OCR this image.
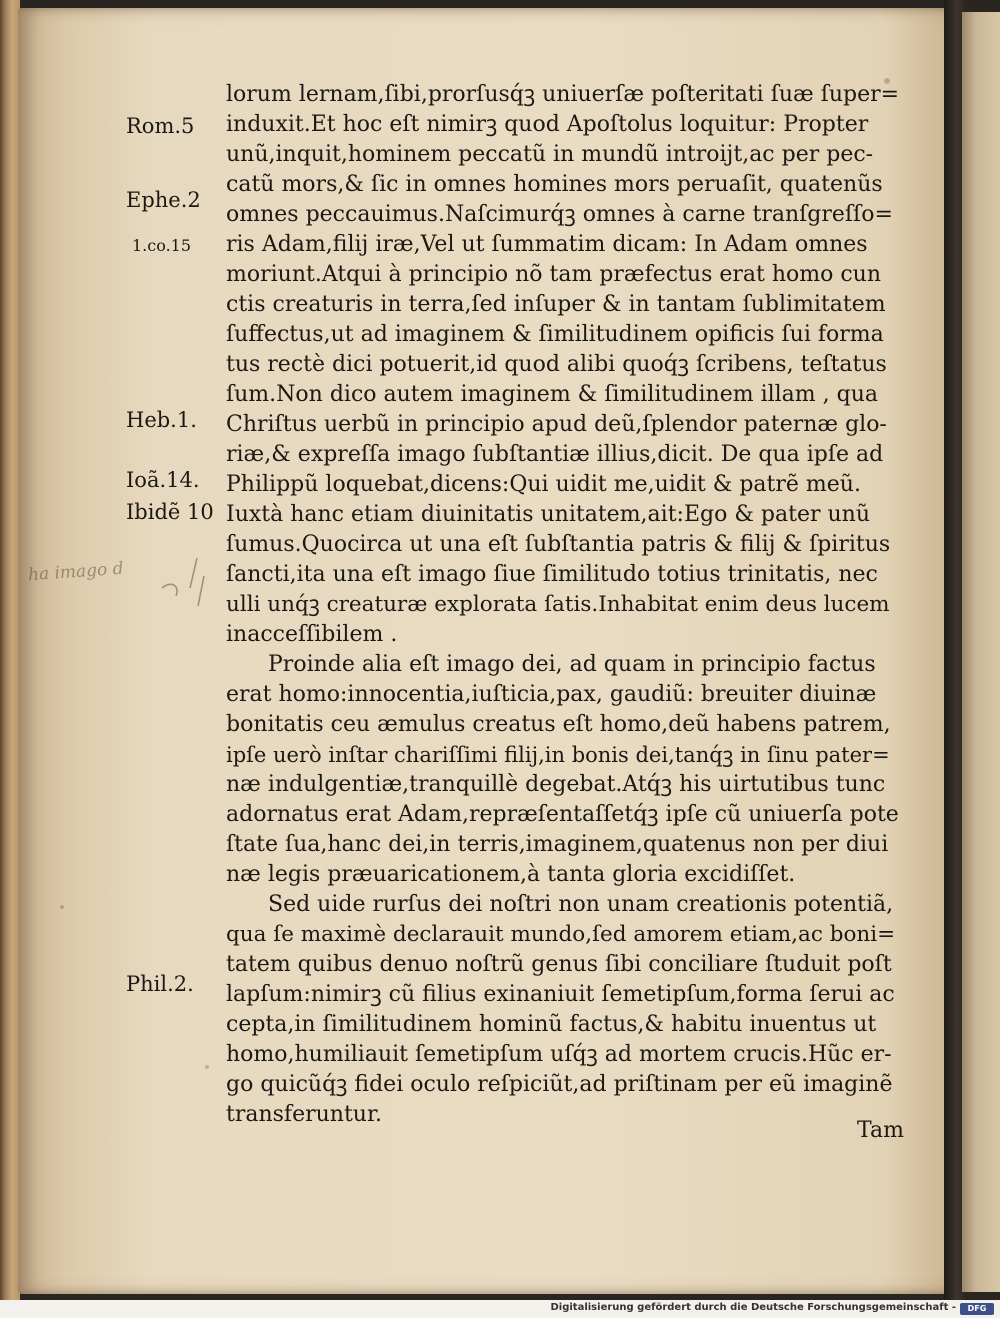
lorum lernam,ſibi,prorſusq́ꝫ uniuerſæ poſteritati ſuæ ſuper=
induxit.Et hoc eſt nimirꝫ quod Apoſtolus loquitur: Propter
unũ,inquit,hominem peccatũ in mundũ introijt,ac per pec-
catũ mors,& ſic in omnes homines mors peruaſit, quatenũs
omnes peccauimus.Naſcimurq́ꝫ omnes à carne tranſgreſſo=
ris Adam,filij iræ,Vel ut ſummatim dicam: In Adam omnes
moriunt.Atqui à principio nõ tam præfectus erat homo cun
ctis creaturis in terra,ſed inſuper & in tantam ſublimitatem
ſuffectus,ut ad imaginem & ſimilitudinem opificis ſui forma
tus rectè dici potuerit,id quod alibi quoq́ꝫ ſcribens, teſtatus
ſum.Non dico autem imaginem & ſimilitudinem illam , qua
Chriſtus uerbũ in principio apud deũ,ſplendor paternæ glo-
riæ,& expreſſa imago ſubſtantiæ illius,dicit. De qua ipſe ad
Philippũ loquebat,dicens:Qui uidit me,uidit & patrẽ meũ.
Iuxtà hanc etiam diuinitatis unitatem,ait:Ego & pater unũ
ſumus.Quocirca ut una eſt ſubſtantia patris & filij & ſpiritus
ſancti,ita una eſt imago ſiue ſimilitudo totius trinitatis, nec
ulli unq́ꝫ creaturæ explorata ſatis.Inhabitat enim deus lucem
inacceſſibilem .
Proinde alia eſt imago dei, ad quam in principio factus
erat homo:innocentia,iuſticia,pax, gaudiũ: breuiter diuinæ
bonitatis ceu æmulus creatus eſt homo,deũ habens patrem,
ipſe uerò inſtar chariſſimi filij,in bonis dei,tanq́ꝫ in ſinu pater=
næ indulgentiæ,tranquillè degebat.Atq́ꝫ his uirtutibus tunc
adornatus erat Adam,repræſentaſſetq́ꝫ ipſe cũ uniuerſa pote
ſtate ſua,hanc dei,in terris,imaginem,quatenus non per diui
næ legis præuaricationem,à tanta gloria excidiſſet.
Sed uide rurſus dei noſtri non unam creationis potentiã,
qua ſe maximè declarauit mundo,ſed amorem etiam,ac boni=
tatem quibus denuo noſtrũ genus ſibi conciliare ſtuduit poſt
lapſum:nimirꝫ cũ filius exinaniuit ſemetipſum,forma ſerui ac
cepta,in ſimilitudinem hominũ factus,& habitu inuentus ut
homo,humiliauit ſemetipſum uſq́ꝫ ad mortem crucis.Hũc er-
go quicũq́ꝫ fidei oculo reſpiciũt,ad priſtinam per eũ imaginẽ
transferuntur.
Tam
Rom.5
Ephe.2
1.co.15
Heb.1.
Ioã.14.
Ibidẽ 10
Phil.2.
ha imago d
Digitalisierung gefördert durch die Deutsche Forschungsgemeinschaft -	DFG
